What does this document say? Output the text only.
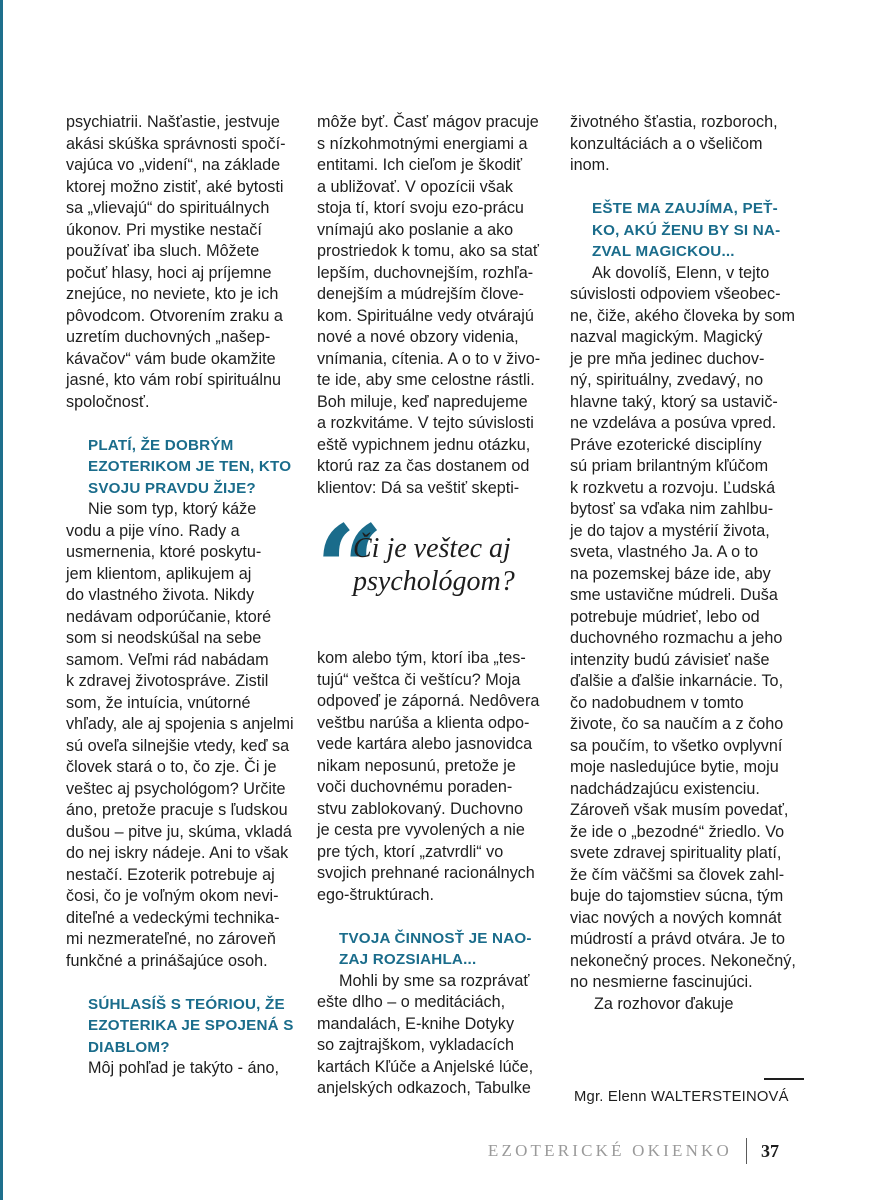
psychiatrii. Našťastie, jestvuje
akási skúška správnosti spočí-
vajúca vo „videní“, na základe
ktorej možno zistiť, aké bytosti
sa „vlievajú“ do spirituálnych
úkonov. Pri mystike nestačí
používať iba sluch. Môžete
počuť hlasy, hoci aj príjemne
znejúce, no neviete, kto je ich
pôvodcom. Otvorením zraku a
uzretím duchovných „našep-
kávačov“ vám bude okamžite
jasné, kto vám robí spirituálnu
spoločnosť.

PLATÍ, ŽE DOBRÝM
EZOTERIKOM JE TEN, KTO
SVOJU PRAVDU ŽIJE?

Nie som typ, ktorý káže

vodu a pije víno. Rady a
usmernenia, ktoré poskytu-
jem klientom, aplikujem aj
do vlastného života. Nikdy
nedávam odporúčanie, ktoré
som si neodskúšal na sebe
samom. Veľmi rád nabádam
k zdravej životospráve. Zistil
som, že intuícia, vnútorné
vhľady, ale aj spojenia s anjelmi
sú oveľa silnejšie vtedy, keď sa
človek stará o to, čo zje. Či je
veštec aj psychológom? Určite
áno, pretože pracuje s ľudskou
dušou – pitve ju, skúma, vkladá
do nej iskry nádeje. Ani to však
nestačí. Ezoterik potrebuje aj
čosi, čo je voľným okom nevi-
diteľné a vedeckými technika-
mi nezmerateľné, no zároveň
funkčné a prinášajúce osoh.

SÚHLASÍŠ S TEÓRIOU, ŽE
EZOTERIKA JE SPOJENÁ S
DIABLOM?

Môj pohľad je takýto - áno,

môže byť. Časť mágov pracuje
s nízkohmotnými energiami a
entitami. Ich cieľom je škodiť
a ubližovať. V opozícii však
stoja tí, ktorí svoju ezo-prácu
vnímajú ako poslanie a ako
prostriedok k tomu, ako sa stať
lepším, duchovnejším, rozhľa-
denejším a múdrejším člove-
kom. Spirituálne vedy otvárajú
nové a nové obzory videnia,
vnímania, cítenia. A o to v živo-
te ide, aby sme celostne rástli.
Boh miluje, keď napredujeme
a rozkvitáme. V tejto súvislosti
eště vypichnem jednu otázku,
ktorú raz za čas dostanem od
klientov: Dá sa veštiť skepti-

“
Či je veštec aj
psychológom?

kom alebo tým, ktorí iba „tes-
tujú“ veštca či veštícu? Moja
odpoveď je záporná. Nedôvera
veštbu narúša a klienta odpo-
vede kartára alebo jasnovidca
nikam neposunú, pretože je
voči duchovnému poraden-
stvu zablokovaný. Duchovno
je cesta pre vyvolených a nie
pre tých, ktorí „zatvrdli“ vo
svojich prehnané racionálnych
ego-štruktúrach.

TVOJA ČINNOSŤ JE NAO-
ZAJ ROZSIAHLA...

Mohli by sme sa rozprávať

ešte dlho – o meditáciách,
mandalách, E-knihe Dotyky
so zajtrajškom, vykladacích
kartách Kľúče a Anjelské lúče,
anjelských odkazoch, Tabulke

životného šťastia, rozboroch,
konzultáciách a o všeličom
inom.

EŠTE MA ZAUJÍMA, PEŤ-
KO, AKÚ ŽENU BY SI NA-
ZVAL MAGICKOU...

Ak dovolíš, Elenn, v tejto

súvislosti odpoviem všeobec-
ne, čiže, akého človeka by som
nazval magickým. Magický
je pre mňa jedinec duchov-
ný, spirituálny, zvedavý, no
hlavne taký, ktorý sa ustavič-
ne vzdeláva a posúva vpred.
Práve ezoterické disciplíny
sú priam brilantným kľúčom
k rozkvetu a rozvoju. Ľudská
bytosť sa vďaka nim zahlbu-
je do tajov a mystérií života,
sveta, vlastného Ja. A o to
na pozemskej báze ide, aby
sme ustavične múdreli. Duša
potrebuje múdrieť, lebo od
duchovného rozmachu a jeho
intenzity budú závisieť naše
ďalšie a ďalšie inkarnácie. To,
čo nadobudnem v tomto
živote, čo sa naučím a z čoho
sa poučím, to všetko ovplyvní
moje nasledujúce bytie, moju
nadchádzajúcu existenciu.
Zároveň však musím povedať,
že ide o „bezodné“ žriedlo. Vo
svete zdravej spirituality platí,
že čím väčšmi sa človek zahl-
buje do tajomstiev súcna, tým
viac nových a nových komnát
múdrostí a právd otvára. Je to
nekonečný proces. Nekonečný,
no nesmierne fascinujúci.

Za rozhovor ďakuje

Mgr. Elenn WALTERSTEINOVÁ
EZOTERICKÉ OKIENKO 37
